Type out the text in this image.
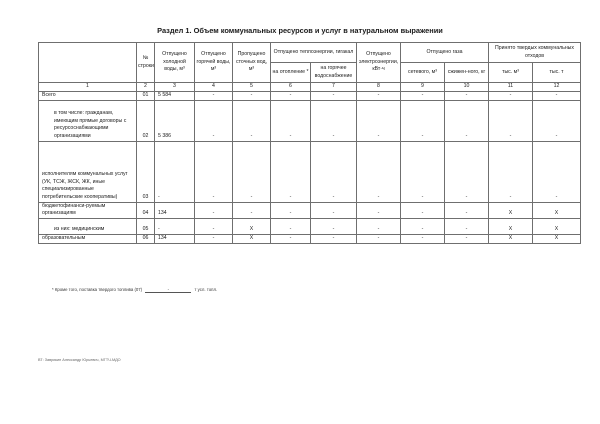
Раздел 1. Объем коммунальных ресурсов и услуг в натуральном выражении
	№ строки	Отпущено холодной воды, м³	Отпущено горячей воды, м³	Пропущено сточных вод, м³	Отпущено теплоэнергии, гигакал		Отпущено электроэнергии, кВт·ч	Отпущено газа		Принято твердых коммунальных отходов	
					на отопление *	на горячее водоснабжение		сетевого, м³	сжижен-ного, кг	тыс. м³	тыс. т
1	2	3	4	5	6	7	8	9	10	11	12
Всего	01	5 584	-	-	-	-	-	-	-	-	-
в том числе: гражданам, имеющим прямые договоры с ресурсоснабжающими организациями	02	5 386	-	-	-	-	-	-	-	-	-
исполнителям коммунальных услуг (УК, ТСЖ, ЖСК, ЖК, иные специализированные потребительские кооперативы)	03	-	-	-	-	-	-	-	-	-	-
бюджетофинанси-руемым организациям	04	134	-	-	-	-	-	-	-	X	X
из них: медицинским	05	-	-	X	-	-	-	-	-	X	X
образовательным	06	134	-	X	-	-	-	-	-	X	X
* Кроме того, поставка твердого топлива (07)	-	т усл. топл.
ВТ: Заврикин Александр Юрьевич, МГТЧ-МДО
